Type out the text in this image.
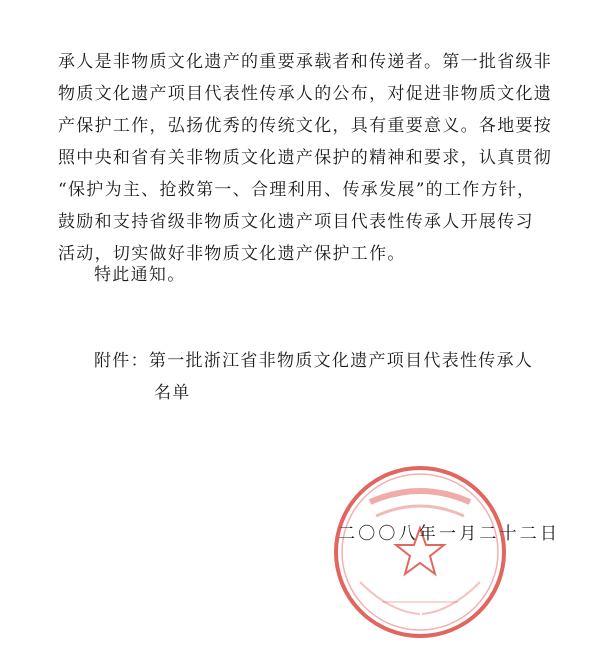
承人是非物质文化遗产的重要承载者和传递者。第一批省级非
物质文化遗产项目代表性传承人的公布，对促进非物质文化遗
产保护工作，弘扬优秀的传统文化，具有重要意义。各地要按
照中央和省有关非物质文化遗产保护的精神和要求，认真贯彻
“保护为主、抢救第一、合理利用、传承发展”的工作方针，
鼓励和支持省级非物质文化遗产项目代表性传承人开展传习
活动，切实做好非物质文化遗产保护工作。
特此通知。
附件：第一批浙江省非物质文化遗产项目代表性传承人
名单
二〇〇八年一月二十二日
